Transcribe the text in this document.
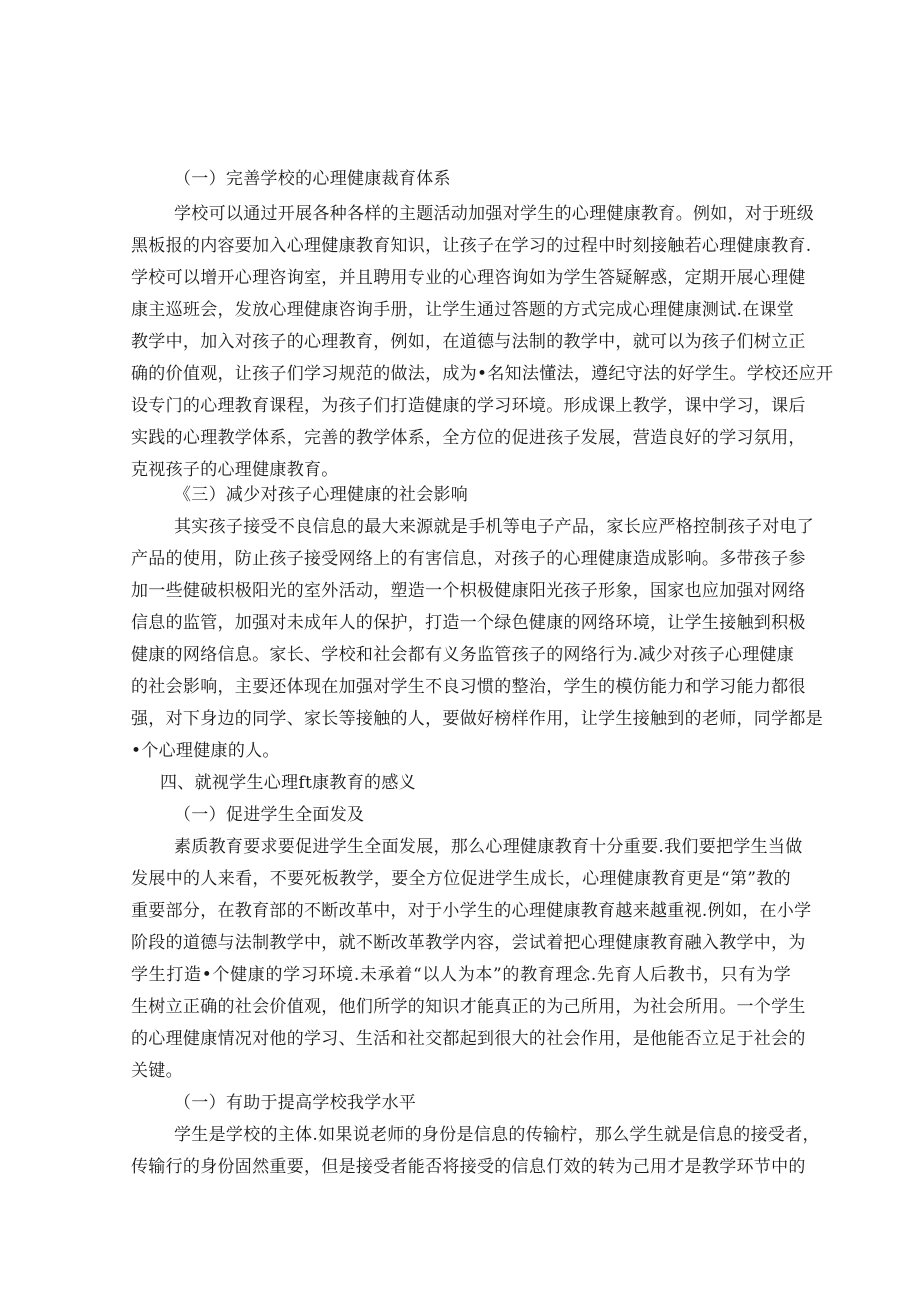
（一）完善学校的心理健康裁育体系
学校可以通过开展各种各样的主题活动加强对学生的心理健康教育。例如，对于班级
黑板报的内容要加入心理健康教育知识，让孩子在学习的过程中时刻接触若心理健康教育.
学校可以增开心理咨询室，并且聘用专业的心理咨询如为学生答疑解惑，定期开展心理健
康主巡班会，发放心理健康咨询手册，让学生通过答题的方式完成心理健康测试.在课堂
教学中，加入对孩子的心理教育，例如，在道德与法制的教学中，就可以为孩子们树立正
确的价值观，让孩子们学习规范的做法，成为•名知法懂法，遵纪守法的好学生。学校还应开
设专门的心理教育课程，为孩子们打造健康的学习环境。形成课上教学，课中学习，课后
实践的心理教学体系，完善的教学体系，全方位的促进孩子发展，营造良好的学习氛用，
克视孩子的心理健康教育。
《三）减少对孩子心理健康的社会影响
其实孩子接受不良信息的最大来源就是手机等电子产品，家长应严格控制孩子对电了
产品的使用，防止孩子接受网络上的有害信息，对孩子的心理健康造成影响。多带孩子参
加一些健破枳极阳光的室外活动，塑造一个枳极健康阳光孩子形象，国家也应加强对网络
信息的监管，加强对未成年人的保护，打造一个绿色健康的网络环境，让学生接触到积极
健康的网络信息。家长、学校和社会都有义务监管孩子的网络行为.减少对孩子心理健康
的社会影响，主要还体现在加强对学生不良习惯的整治，学生的模仿能力和学习能力都很
强，对下身边的同学、家长等接触的人，要做好榜样作用，让学生接触到的老师，同学都是
•个心理健康的人。
四、就视学生心理ft康教育的感义
（一）促进学生全面发及
素质教育要求要促进学生全面发展，那么心理健康教育十分重要.我们要把学生当做
发展中的人来看，不要死板教学，要全方位促进学生成长，心理健康教育更是“第”教的
重要部分，在教育部的不断改革中，对于小学生的心理健康教育越来越重视.例如，在小学
阶段的道德与法制教学中，就不断改革教学内容，尝试着把心理健康教育融入教学中，为
学生打造•个健康的学习环境.未承着“以人为本”的教育理念.先育人后教书，只有为学
生树立正确的社会价值观，他们所学的知识才能真正的为己所用，为社会所用。一个学生
的心理健康情况对他的学习、生活和社交都起到很大的社会作用，是他能否立足于社会的
关键。
（一）有助于提高学校我学水平
学生是学校的主体.如果说老师的身份是信息的传输柠，那么学生就是信息的接受者，
传输行的身份固然重要，但是接受者能否将接受的信息仃效的转为己用才是教学环节中的
